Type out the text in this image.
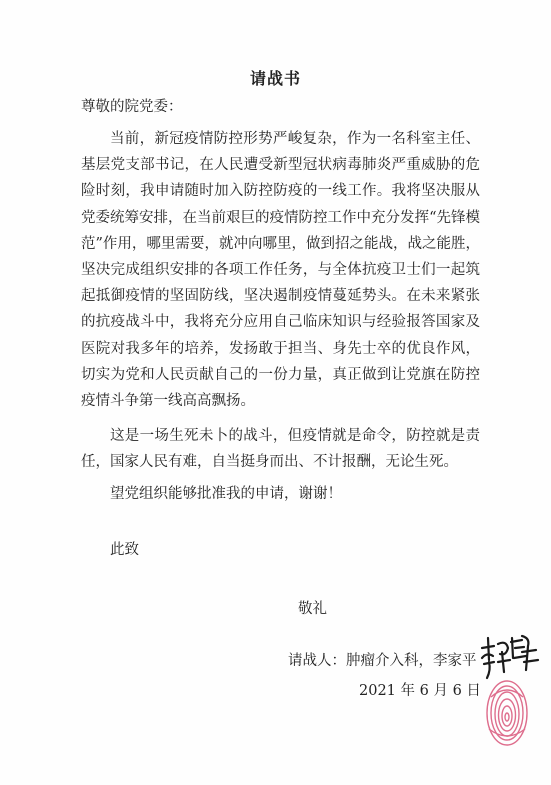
请战书
尊敬的院党委：

当前，新冠疫情防控形势严峻复杂，作为一名科室主任、基层党支部书记，在人民遭受新型冠状病毒肺炎严重威胁的危险时刻，我申请随时加入防控防疫的一线工作。我将坚决服从党委统筹安排，在当前艰巨的疫情防控工作中充分发挥“先锋模范”作用，哪里需要，就冲向哪里，做到招之能战，战之能胜，坚决完成组织安排的各项工作任务，与全体抗疫卫士们一起筑起抵御疫情的坚固防线，坚决遏制疫情蔓延势头。在未来紧张的抗疫战斗中，我将充分应用自己临床知识与经验报答国家及医院对我多年的培养，发扬敢于担当、身先士卒的优良作风，切实为党和人民贡献自己的一份力量，真正做到让党旗在防控疫情斗争第一线高高飘扬。

这是一场生死未卜的战斗，但疫情就是命令，防控就是责任，国家人民有难，自当挺身而出、不计报酬，无论生死。

望党组织能够批准我的申请，谢谢！

此致
敬礼
请战人：肿瘤介入科，李家平
2021 年 6 月 6 日
